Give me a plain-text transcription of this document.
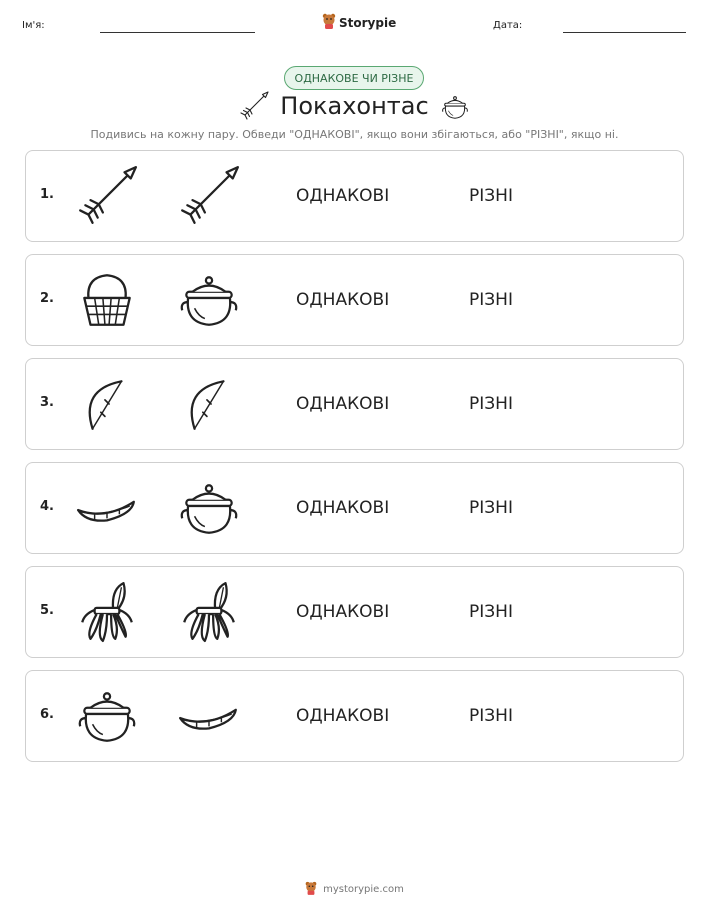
Ім'я:	Storypie	Дата:
ОДНАКОВЕ ЧИ РІЗНЕ
Покахонтас
Подивись на кожну пару. Обведи "ОДНАКОВІ", якщо вони збігаються, або "РІЗНІ", якщо ні.
1.	ОДНАКОВІ	РІЗНІ
2.	ОДНАКОВІ	РІЗНІ
3.	ОДНАКОВІ	РІЗНІ
4.	ОДНАКОВІ	РІЗНІ
5.	ОДНАКОВІ	РІЗНІ
6.	ОДНАКОВІ	РІЗНІ
mystorypie.com
